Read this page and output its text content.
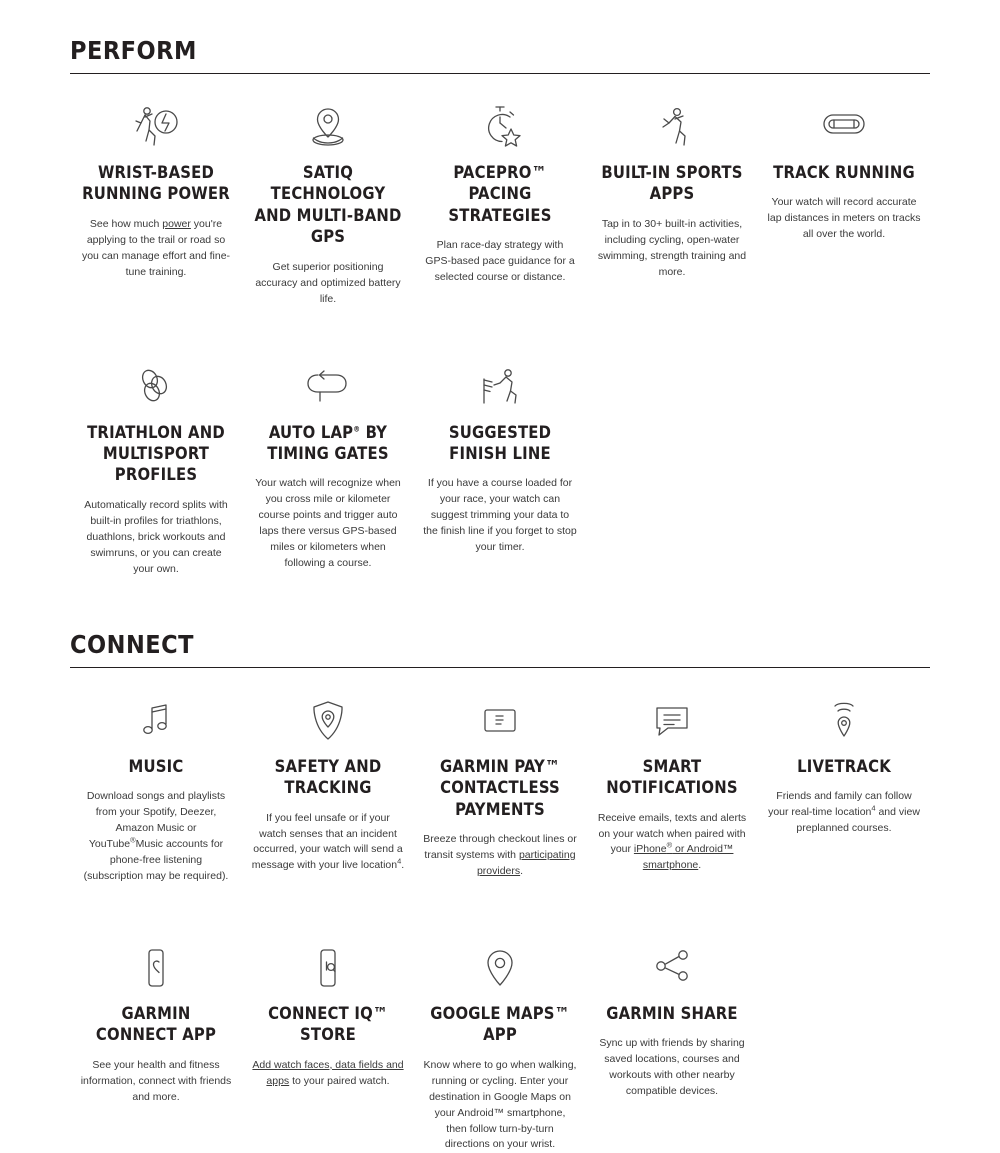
PERFORM
WRIST-BASED RUNNING POWER
See how much power you're applying to the trail or road so you can manage effort and fine-tune training.
SATIQ TECHNOLOGY AND MULTI-BAND GPS
Get superior positioning accuracy and optimized battery life.
PACEPRO™ PACING STRATEGIES
Plan race-day strategy with GPS-based pace guidance for a selected course or distance.
BUILT-IN SPORTS APPS
Tap in to 30+ built-in activities, including cycling, open-water swimming, strength training and more.
TRACK RUNNING
Your watch will record accurate lap distances in meters on tracks all over the world.
TRIATHLON AND MULTISPORT PROFILES
Automatically record splits with built-in profiles for triathlons, duathlons, brick workouts and swimruns, or you can create your own.
AUTO LAP® BY TIMING GATES
Your watch will recognize when you cross mile or kilometer course points and trigger auto laps there versus GPS-based miles or kilometers when following a course.
SUGGESTED FINISH LINE
If you have a course loaded for your race, your watch can suggest trimming your data to the finish line if you forget to stop your timer.
CONNECT
MUSIC
Download songs and playlists from your Spotify, Deezer, Amazon Music or YouTube®Music accounts for phone-free listening (subscription may be required).
SAFETY AND TRACKING
If you feel unsafe or if your watch senses that an incident occurred, your watch will send a message with your live location$^4$.
GARMIN PAY™ CONTACTLESS PAYMENTS
Breeze through checkout lines or transit systems with participating providers.
SMART NOTIFICATIONS
Receive emails, texts and alerts on your watch when paired with your iPhone® or Android™ smartphone.
LIVETRACK
Friends and family can follow your real-time location$^4$ and view preplanned courses.
GARMIN CONNECT APP
See your health and fitness information, connect with friends and more.
CONNECT IQ™ STORE
Add watch faces, data fields and apps to your paired watch.
GOOGLE MAPS™ APP
Know where to go when walking, running or cycling. Enter your destination in Google Maps on your Android™ smartphone, then follow turn-by-turn directions on your wrist.
GARMIN SHARE
Sync up with friends by sharing saved locations, courses and workouts with other nearby compatible devices.
